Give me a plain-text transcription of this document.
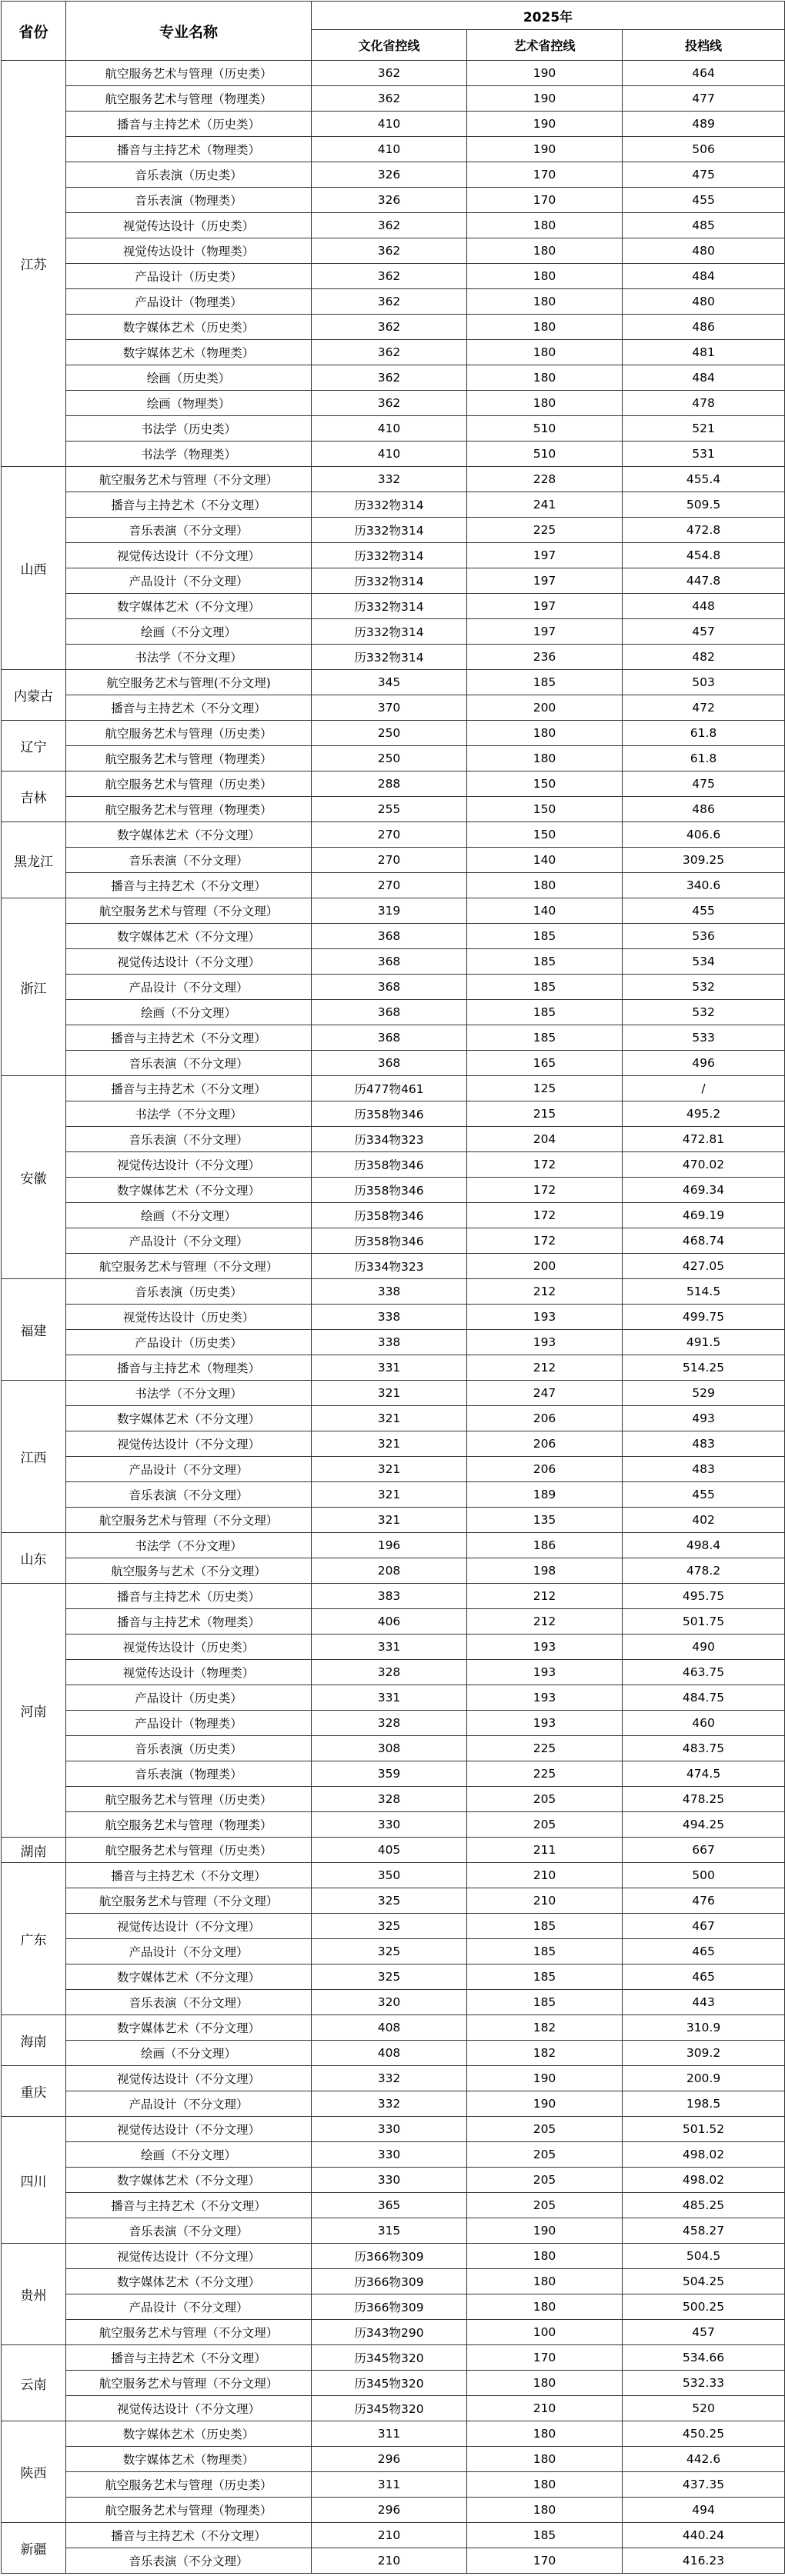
省份	专业名称	2025年		
		文化省控线	艺术省控线	投档线
江苏	航空服务艺术与管理（历史类）	362	190	464
	航空服务艺术与管理（物理类）	362	190	477
	播音与主持艺术（历史类）	410	190	489
	播音与主持艺术（物理类）	410	190	506
	音乐表演（历史类）	326	170	475
	音乐表演（物理类）	326	170	455
	视觉传达设计（历史类）	362	180	485
	视觉传达设计（物理类）	362	180	480
	产品设计（历史类）	362	180	484
	产品设计（物理类）	362	180	480
	数字媒体艺术（历史类）	362	180	486
	数字媒体艺术（物理类）	362	180	481
	绘画（历史类）	362	180	484
	绘画（物理类）	362	180	478
	书法学（历史类）	410	510	521
	书法学（物理类）	410	510	531
山西	航空服务艺术与管理（不分文理）	332	228	455.4
	播音与主持艺术（不分文理）	历332物314	241	509.5
	音乐表演（不分文理）	历332物314	225	472.8
	视觉传达设计（不分文理）	历332物314	197	454.8
	产品设计（不分文理）	历332物314	197	447.8
	数字媒体艺术（不分文理）	历332物314	197	448
	绘画（不分文理）	历332物314	197	457
	书法学（不分文理）	历332物314	236	482
内蒙古	航空服务艺术与管理(不分文理)	345	185	503
	播音与主持艺术（不分文理）	370	200	472
辽宁	航空服务艺术与管理（历史类）	250	180	61.8
	航空服务艺术与管理（物理类）	250	180	61.8
吉林	航空服务艺术与管理（历史类）	288	150	475
	航空服务艺术与管理（物理类）	255	150	486
黑龙江	数字媒体艺术（不分文理）	270	150	406.6
	音乐表演（不分文理）	270	140	309.25
	播音与主持艺术（不分文理）	270	180	340.6
浙江	航空服务艺术与管理（不分文理）	319	140	455
	数字媒体艺术（不分文理）	368	185	536
	视觉传达设计（不分文理）	368	185	534
	产品设计（不分文理）	368	185	532
	绘画（不分文理）	368	185	532
	播音与主持艺术（不分文理）	368	185	533
	音乐表演（不分文理）	368	165	496
安徽	播音与主持艺术（不分文理）	历477物461	125	/
	书法学（不分文理）	历358物346	215	495.2
	音乐表演（不分文理）	历334物323	204	472.81
	视觉传达设计（不分文理）	历358物346	172	470.02
	数字媒体艺术（不分文理）	历358物346	172	469.34
	绘画（不分文理）	历358物346	172	469.19
	产品设计（不分文理）	历358物346	172	468.74
	航空服务艺术与管理（不分文理）	历334物323	200	427.05
福建	音乐表演（历史类）	338	212	514.5
	视觉传达设计（历史类）	338	193	499.75
	产品设计（历史类）	338	193	491.5
	播音与主持艺术（物理类）	331	212	514.25
江西	书法学（不分文理）	321	247	529
	数字媒体艺术（不分文理）	321	206	493
	视觉传达设计（不分文理）	321	206	483
	产品设计（不分文理）	321	206	483
	音乐表演（不分文理）	321	189	455
	航空服务艺术与管理（不分文理）	321	135	402
山东	书法学（不分文理）	196	186	498.4
	航空服务与艺术（不分文理）	208	198	478.2
河南	播音与主持艺术（历史类）	383	212	495.75
	播音与主持艺术（物理类）	406	212	501.75
	视觉传达设计（历史类）	331	193	490
	视觉传达设计（物理类）	328	193	463.75
	产品设计（历史类）	331	193	484.75
	产品设计（物理类）	328	193	460
	音乐表演（历史类）	308	225	483.75
	音乐表演（物理类）	359	225	474.5
	航空服务艺术与管理（历史类）	328	205	478.25
	航空服务艺术与管理（物理类）	330	205	494.25
湖南	航空服务艺术与管理（历史类）	405	211	667
广东	播音与主持艺术（不分文理）	350	210	500
	航空服务艺术与管理（不分文理）	325	210	476
	视觉传达设计（不分文理）	325	185	467
	产品设计（不分文理）	325	185	465
	数字媒体艺术（不分文理）	325	185	465
	音乐表演（不分文理）	320	185	443
海南	数字媒体艺术（不分文理）	408	182	310.9
	绘画（不分文理）	408	182	309.2
重庆	视觉传达设计（不分文理）	332	190	200.9
	产品设计（不分文理）	332	190	198.5
四川	视觉传达设计（不分文理）	330	205	501.52
	绘画（不分文理）	330	205	498.02
	数字媒体艺术（不分文理）	330	205	498.02
	播音与主持艺术（不分文理）	365	205	485.25
	音乐表演（不分文理）	315	190	458.27
贵州	视觉传达设计（不分文理）	历366物309	180	504.5
	数字媒体艺术（不分文理）	历366物309	180	504.25
	产品设计（不分文理）	历366物309	180	500.25
	航空服务艺术与管理（不分文理）	历343物290	100	457
云南	播音与主持艺术（不分文理）	历345物320	170	534.66
	航空服务艺术与管理（不分文理）	历345物320	180	532.33
	视觉传达设计（不分文理）	历345物320	210	520
陕西	数字媒体艺术（历史类）	311	180	450.25
	数字媒体艺术（物理类）	296	180	442.6
	航空服务艺术与管理（历史类）	311	180	437.35
	航空服务艺术与管理（物理类）	296	180	494
新疆	播音与主持艺术（不分文理）	210	185	440.24
	音乐表演（不分文理）	210	170	416.23
